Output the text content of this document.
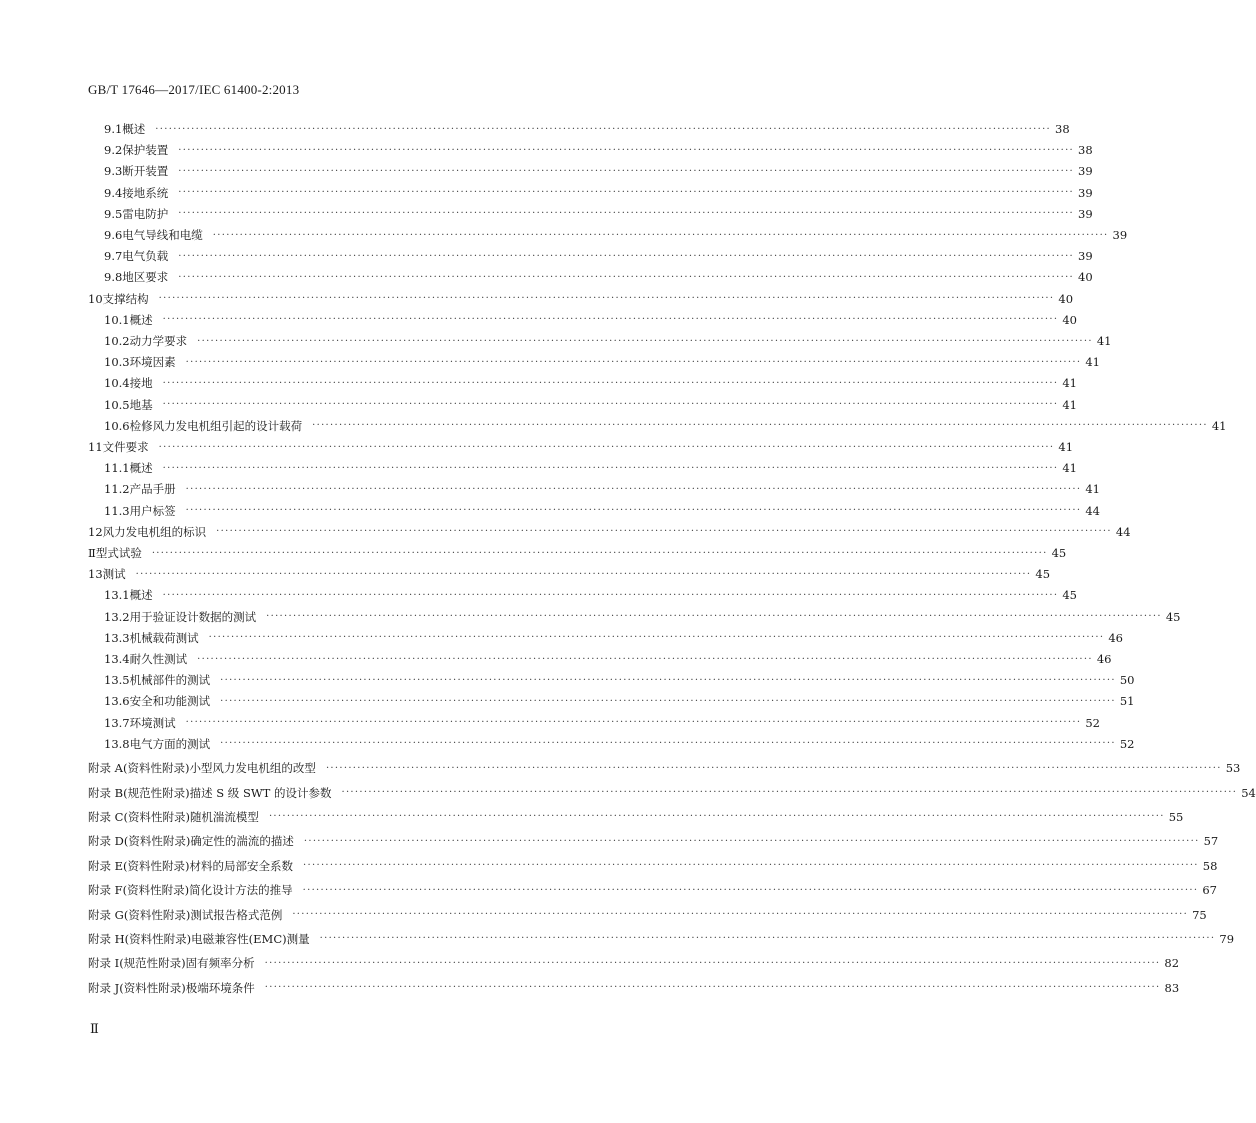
GB/T 17646—2017/IEC 61400-2:2013
9.1 概述	········································································································································································································ 38
9.2 保护装置	········································································································································································································ 38
9.3 断开装置	········································································································································································································ 39
9.4 接地系统	········································································································································································································ 39
9.5 雷电防护	········································································································································································································ 39
9.6 电气导线和电缆	········································································································································································································ 39
9.7 电气负载	········································································································································································································ 39
9.8 地区要求	········································································································································································································ 40
10 支撑结构	········································································································································································································ 40
10.1 概述	········································································································································································································ 40
10.2 动力学要求	········································································································································································································ 41
10.3 环境因素	········································································································································································································ 41
10.4 接地	········································································································································································································ 41
10.5 地基	········································································································································································································ 41
10.6 检修风力发电机组引起的设计载荷	········································································································································································································ 41
11 文件要求	········································································································································································································ 41
11.1 概述	········································································································································································································ 41
11.2 产品手册	········································································································································································································ 41
11.3 用户标签	········································································································································································································ 44
12 风力发电机组的标识	········································································································································································································ 44
Ⅱ 型式试验	········································································································································································································ 45
13 测试	········································································································································································································ 45
13.1 概述	········································································································································································································ 45
13.2 用于验证设计数据的测试	········································································································································································································ 45
13.3 机械载荷测试	········································································································································································································ 46
13.4 耐久性测试	········································································································································································································ 46
13.5 机械部件的测试	········································································································································································································ 50
13.6 安全和功能测试	········································································································································································································ 51
13.7 环境测试	········································································································································································································ 52
13.8 电气方面的测试	········································································································································································································ 52
附录 A(资料性附录) 小型风力发电机组的改型	········································································································································································································ 53
附录 B(规范性附录) 描述 S 级 SWT 的设计参数	········································································································································································································ 54
附录 C(资料性附录) 随机湍流模型	········································································································································································································ 55
附录 D(资料性附录) 确定性的湍流的描述	········································································································································································································ 57
附录 E(资料性附录) 材料的局部安全系数	········································································································································································································ 58
附录 F(资料性附录) 简化设计方法的推导	········································································································································································································ 67
附录 G(资料性附录) 测试报告格式范例	········································································································································································································ 75
附录 H(资料性附录) 电磁兼容性(EMC)测量	········································································································································································································ 79
附录 I(规范性附录) 固有频率分析	········································································································································································································ 82
附录 J(资料性附录) 极端环境条件	········································································································································································································ 83
Ⅱ
